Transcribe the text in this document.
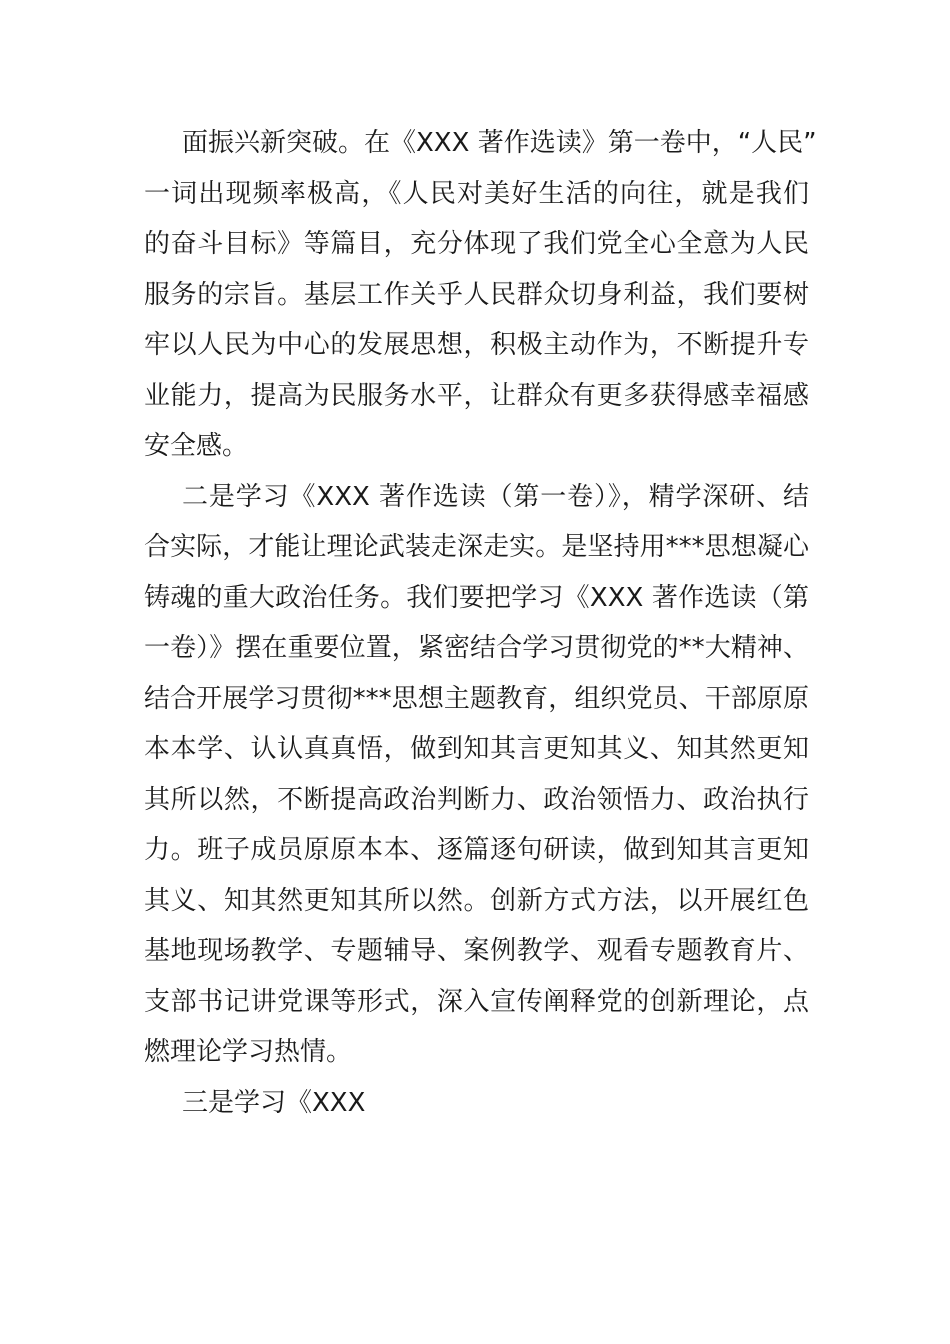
面振兴新突破。在《XXX 著作选读》第一卷中，“人民”
一词出现频率极高，《人民对美好生活的向往，就是我们
的奋斗目标》等篇目，充分体现了我们党全心全意为人民
服务的宗旨。基层工作关乎人民群众切身利益，我们要树
牢以人民为中心的发展思想，积极主动作为，不断提升专
业能力，提高为民服务水平，让群众有更多获得感幸福感
安全感。
二是学习《XXX 著作选读（第一卷）》，精学深研、结
合实际，才能让理论武装走深走实。是坚持用***思想凝心
铸魂的重大政治任务。我们要把学习《XXX 著作选读（第
一卷）》摆在重要位置，紧密结合学习贯彻党的**大精神、
结合开展学习贯彻***思想主题教育，组织党员、干部原原
本本学、认认真真悟，做到知其言更知其义、知其然更知
其所以然，不断提高政治判断力、政治领悟力、政治执行
力。班子成员原原本本、逐篇逐句研读，做到知其言更知
其义、知其然更知其所以然。创新方式方法，以开展红色
基地现场教学、专题辅导、案例教学、观看专题教育片、
支部书记讲党课等形式，深入宣传阐释党的创新理论，点
燃理论学习热情。
三是学习《XXX
